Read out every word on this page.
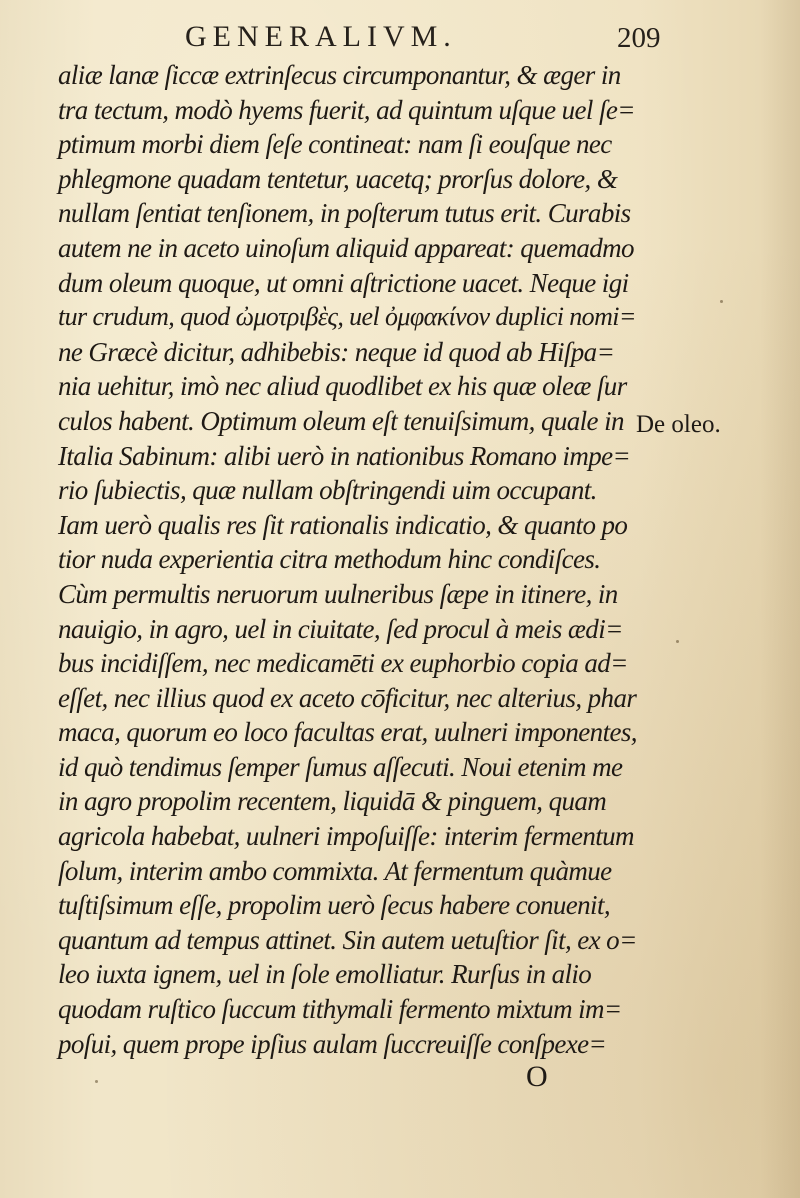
GENERALIVM.	209
aliæ lanæ ſiccæ extrinſecus circumponantur, & æger in
tra tectum, modò hyems fuerit, ad quintum uſque uel ſe=
ptimum morbi diem ſeſe contineat: nam ſi eouſque nec
phlegmone quadam tentetur, uacetq; prorſus dolore, &
nullam ſentiat tenſionem, in poſterum tutus erit. Curabis
autem ne in aceto uinoſum aliquid appareat: quemadmo
dum oleum quoque, ut omni aſtrictione uacet. Neque igi
tur crudum, quod ὠμοτριβὲς, uel ὀμφακίνον duplici nomi=
ne Græcè dicitur, adhibebis: neque id quod ab Hiſpa=
nia uehitur, imò nec aliud quodlibet ex his quæ oleæ ſur
culos habent. Optimum oleum eſt tenuiſsimum, quale in
Italia Sabinum: alibi uerò in nationibus Romano impe=
rio ſubiectis, quæ nullam obſtringendi uim occupant.
Iam uerò qualis res ſit rationalis indicatio, & quanto po
tior nuda experientia citra methodum hinc condiſces.
Cùm permultis neruorum uulneribus ſæpe in itinere, in
nauigio, in agro, uel in ciuitate, ſed procul à meis ædi=
bus incidiſſem, nec medicamēti ex euphorbio copia ad=
eſſet, nec illius quod ex aceto cōficitur, nec alterius, phar
maca, quorum eo loco facultas erat, uulneri imponentes,
id quò tendimus ſemper ſumus aſſecuti. Noui etenim me
in agro propolim recentem, liquidā & pinguem, quam
agricola habebat, uulneri impoſuiſſe: interim fermentum
ſolum, interim ambo commixta. At fermentum quàmue
tuſtiſsimum eſſe, propolim uerò ſecus habere conuenit,
quantum ad tempus attinet. Sin autem uetuſtior ſit, ex o=
leo iuxta ignem, uel in ſole emolliatur. Rurſus in alio
quodam ruſtico ſuccum tithymali fermento mixtum im=
poſui, quem prope ipſius aulam ſuccreuiſſe conſpexe=
De oleo.
O
